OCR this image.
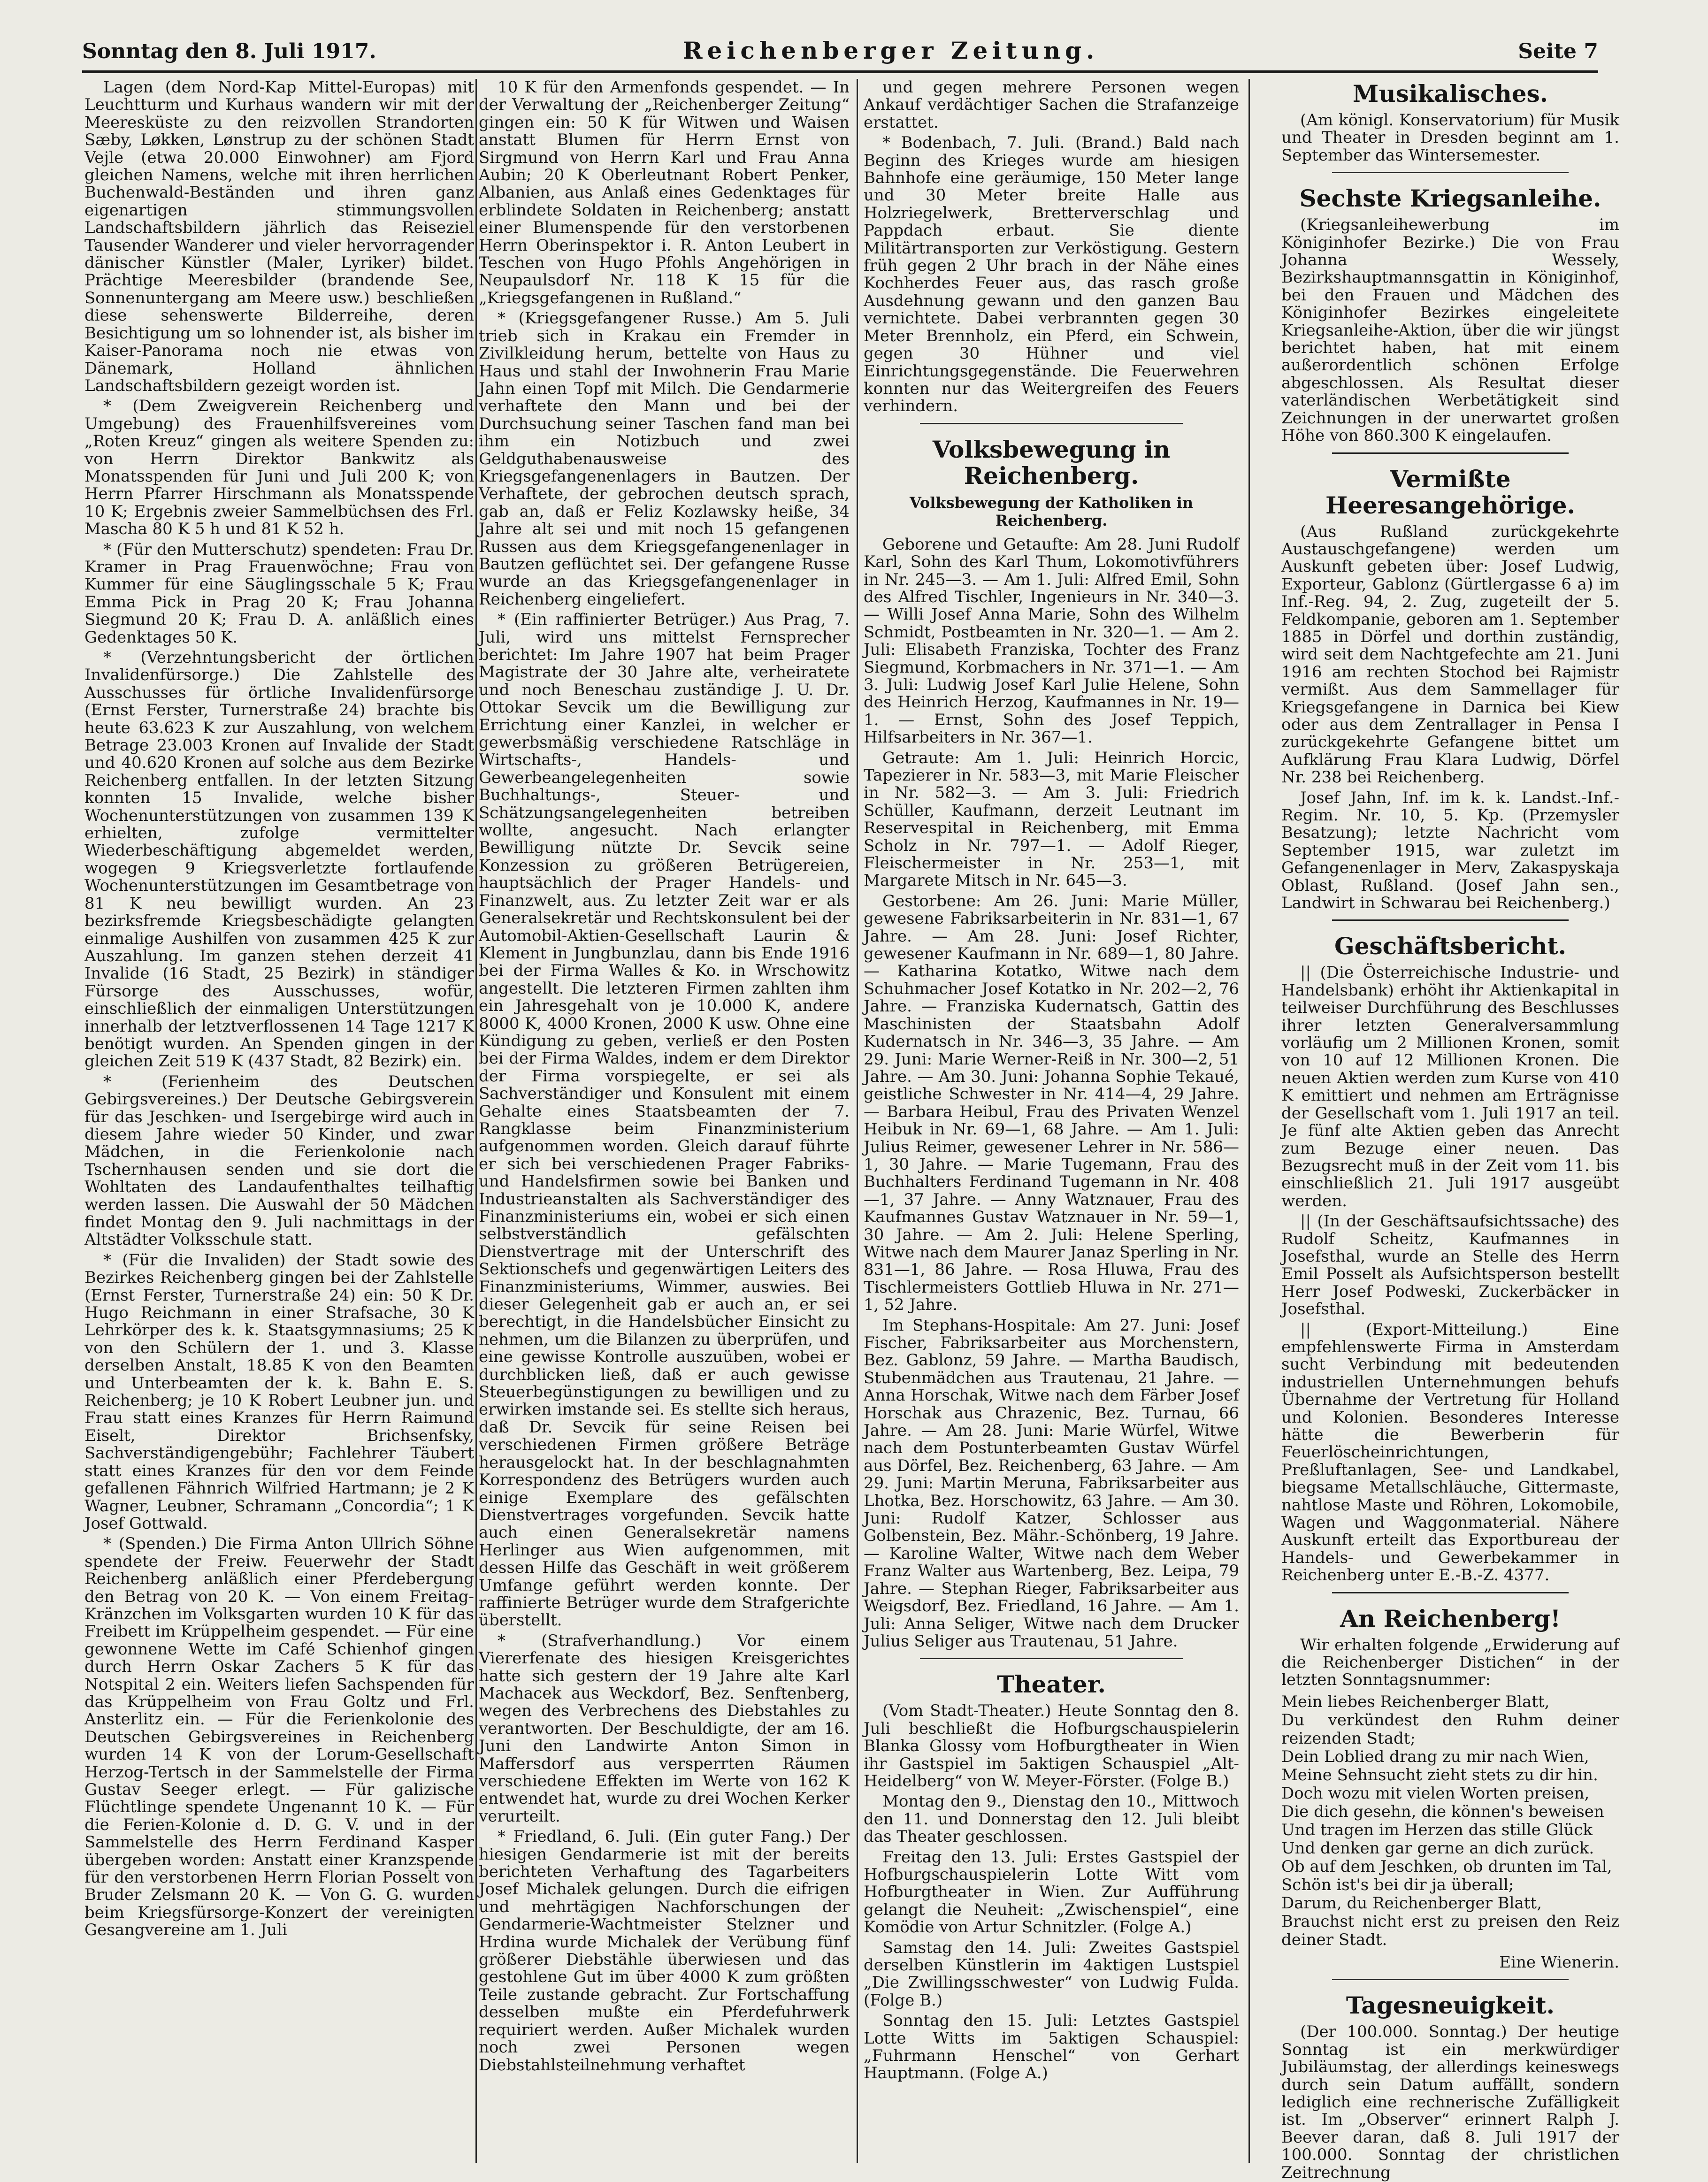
Sonntag den 8. Juli 1917.	Reichenberger Zeitung.	Seite 7

Lagen (dem Nord-Kap Mittel-Europas) mit Leuchtturm und Kurhaus wandern wir mit der Meeresküste zu den reizvollen Strandorten Sæby, Løkken, Lønstrup zu der schönen Stadt Vejle (etwa 20.000 Einwohner) am Fjord gleichen Namens, welche mit ihren herrlichen Buchenwald-Beständen und ihren ganz eigenartigen stimmungsvollen Landschaftsbildern jährlich das Reiseziel Tausender Wanderer und vieler hervorragender dänischer Künstler (Maler, Lyriker) bildet. Prächtige Meeresbilder (brandende See, Sonnenuntergang am Meere usw.) beschließen diese sehenswerte Bilderreihe, deren Besichtigung um so lohnender ist, als bisher im Kaiser-Panorama noch nie etwas von Dänemark, Holland ähnlichen Landschaftsbildern gezeigt worden ist.

* (Dem Zweigverein Reichenberg und Umgebung) des Frauenhilfsvereines vom „Roten Kreuz“ gingen als weitere Spenden zu: von Herrn Direktor Bankwitz als Monatsspenden für Juni und Juli 200 K; von Herrn Pfarrer Hirschmann als Monatsspende 10 K; Ergebnis zweier Sammelbüchsen des Frl. Mascha 80 K 5 h und 81 K 52 h.

* (Für den Mutterschutz) spendeten: Frau Dr. Kramer in Prag Frauenwöchne; Frau von Kummer für eine Säuglingsschale 5 K; Frau Emma Pick in Prag 20 K; Frau Johanna Siegmund 20 K; Frau D. A. anläßlich eines Gedenktages 50 K.

* (Verzehntungsbericht der örtlichen Invalidenfürsorge.) Die Zahlstelle des Ausschusses für örtliche Invalidenfürsorge (Ernst Ferster, Turnerstraße 24) brachte bis heute 63.623 K zur Auszahlung, von welchem Betrage 23.003 Kronen auf Invalide der Stadt und 40.620 Kronen auf solche aus dem Bezirke Reichenberg entfallen. In der letzten Sitzung konnten 15 Invalide, welche bisher Wochenunterstützungen von zusammen 139 K erhielten, zufolge vermittelter Wiederbeschäftigung abgemeldet werden, wogegen 9 Kriegsverletzte fortlaufende Wochenunterstützungen im Gesamtbetrage von 81 K neu bewilligt wurden. An 23 bezirksfremde Kriegsbeschädigte gelangten einmalige Aushilfen von zusammen 425 K zur Auszahlung. Im ganzen stehen derzeit 41 Invalide (16 Stadt, 25 Bezirk) in ständiger Fürsorge des Ausschusses, wofür, einschließlich der einmaligen Unterstützungen innerhalb der letztverflossenen 14 Tage 1217 K benötigt wurden. An Spenden gingen in der gleichen Zeit 519 K (437 Stadt, 82 Bezirk) ein.

* (Ferienheim des Deutschen Gebirgsvereines.) Der Deutsche Gebirgsverein für das Jeschken- und Isergebirge wird auch in diesem Jahre wieder 50 Kinder, und zwar Mädchen, in die Ferienkolonie nach Tschernhausen senden und sie dort die Wohltaten des Landaufenthaltes teilhaftig werden lassen. Die Auswahl der 50 Mädchen findet Montag den 9. Juli nachmittags in der Altstädter Volksschule statt.

* (Für die Invaliden) der Stadt sowie des Bezirkes Reichenberg gingen bei der Zahlstelle (Ernst Ferster, Turnerstraße 24) ein: 50 K Dr. Hugo Reichmann in einer Strafsache, 30 K Lehrkörper des k. k. Staatsgymnasiums; 25 K von den Schülern der 1. und 3. Klasse derselben Anstalt, 18.85 K von den Beamten und Unterbeamten der k. k. Bahn E. S. Reichenberg; je 10 K Robert Leubner jun. und Frau statt eines Kranzes für Herrn Raimund Eiselt, Direktor Brichsenfsky, Sachverständigengebühr; Fachlehrer Täubert statt eines Kranzes für den vor dem Feinde gefallenen Fähnrich Wilfried Hartmann; je 2 K Wagner, Leubner, Schramann „Concordia“; 1 K Josef Gottwald.

* (Spenden.) Die Firma Anton Ullrich Söhne spendete der Freiw. Feuerwehr der Stadt Reichenberg anläßlich einer Pferdebergung den Betrag von 20 K. — Von einem Freitag-Kränzchen im Volksgarten wurden 10 K für das Freibett im Krüppelheim gespendet. — Für eine gewonnene Wette im Café Schienhof gingen durch Herrn Oskar Zachers 5 K für das Notspital 2 ein. Weiters liefen Sachspenden für das Krüppelheim von Frau Goltz und Frl. Ansterlitz ein. — Für die Ferienkolonie des Deutschen Gebirgsvereines in Reichenberg wurden 14 K von der Lorum-Gesellschaft Herzog-Tertsch in der Sammelstelle der Firma Gustav Seeger erlegt. — Für galizische Flüchtlinge spendete Ungenannt 10 K. — Für die Ferien-Kolonie d. D. G. V. und in der Sammelstelle des Herrn Ferdinand Kasper übergeben worden: Anstatt einer Kranzspende für den verstorbenen Herrn Florian Posselt von Bruder Zelsmann 20 K. — Von G. G. wurden beim Kriegsfürsorge-Konzert der vereinigten Gesangvereine am 1. Juli

10 K für den Armenfonds gespendet. — In der Verwaltung der „Reichenberger Zeitung“ gingen ein: 50 K für Witwen und Waisen anstatt Blumen für Herrn Ernst von Sirgmund von Herrn Karl und Frau Anna Aubin; 20 K Oberleutnant Robert Penker, Albanien, aus Anlaß eines Gedenktages für erblindete Soldaten in Reichenberg; anstatt einer Blumenspende für den verstorbenen Herrn Oberinspektor i. R. Anton Leubert in Teschen von Hugo Pfohls Angehörigen in Neupaulsdorf Nr. 118 K 15 für die „Kriegsgefangenen in Rußland.“

* (Kriegsgefangener Russe.) Am 5. Juli trieb sich in Krakau ein Fremder in Zivilkleidung herum, bettelte von Haus zu Haus und stahl der Inwohnerin Frau Marie Jahn einen Topf mit Milch. Die Gendarmerie verhaftete den Mann und bei der Durchsuchung seiner Taschen fand man bei ihm ein Notizbuch und zwei Geldguthabenausweise des Kriegsgefangenenlagers in Bautzen. Der Verhaftete, der gebrochen deutsch sprach, gab an, daß er Feliz Kozlawsky heiße, 34 Jahre alt sei und mit noch 15 gefangenen Russen aus dem Kriegsgefangenenlager in Bautzen geflüchtet sei. Der gefangene Russe wurde an das Kriegsgefangenenlager in Reichenberg eingeliefert.

* (Ein raffinierter Betrüger.) Aus Prag, 7. Juli, wird uns mittelst Fernsprecher berichtet: Im Jahre 1907 hat beim Prager Magistrate der 30 Jahre alte, verheiratete und noch Beneschau zuständige J. U. Dr. Ottokar Sevcik um die Bewilligung zur Errichtung einer Kanzlei, in welcher er gewerbsmäßig verschiedene Ratschläge in Wirtschafts-, Handels- und Gewerbeangelegenheiten sowie Buchhaltungs-, Steuer- und Schätzungsangelegenheiten betreiben wollte, angesucht. Nach erlangter Bewilligung nützte Dr. Sevcik seine Konzession zu größeren Betrügereien, hauptsächlich der Prager Handels- und Finanzwelt, aus. Zu letzter Zeit war er als Generalsekretär und Rechtskonsulent bei der Automobil-Aktien-Gesellschaft Laurin & Klement in Jungbunzlau, dann bis Ende 1916 bei der Firma Walles & Ko. in Wrschowitz angestellt. Die letzteren Firmen zahlten ihm ein Jahresgehalt von je 10.000 K, andere 8000 K, 4000 Kronen, 2000 K usw. Ohne eine Kündigung zu geben, verließ er den Posten bei der Firma Waldes, indem er dem Direktor der Firma vorspiegelte, er sei als Sachverständiger und Konsulent mit einem Gehalte eines Staatsbeamten der 7. Rangklasse beim Finanzministerium aufgenommen worden. Gleich darauf führte er sich bei verschiedenen Prager Fabriks- und Handelsfirmen sowie bei Banken und Industrieanstalten als Sachverständiger des Finanzministeriums ein, wobei er sich einen selbstverständlich gefälschten Dienstvertrage mit der Unterschrift des Sektionschefs und gegenwärtigen Leiters des Finanzministeriums, Wimmer, auswies. Bei dieser Gelegenheit gab er auch an, er sei berechtigt, in die Handelsbücher Einsicht zu nehmen, um die Bilanzen zu überprüfen, und eine gewisse Kontrolle auszuüben, wobei er durchblicken ließ, daß er auch gewisse Steuerbegünstigungen zu bewilligen und zu erwirken imstande sei. Es stellte sich heraus, daß Dr. Sevcik für seine Reisen bei verschiedenen Firmen größere Beträge herausgelockt hat. In der beschlagnahmten Korrespondenz des Betrügers wurden auch einige Exemplare des gefälschten Dienstvertrages vorgefunden. Sevcik hatte auch einen Generalsekretär namens Herlinger aus Wien aufgenommen, mit dessen Hilfe das Geschäft in weit größerem Umfange geführt werden konnte. Der raffinierte Betrüger wurde dem Strafgerichte überstellt.

* (Strafverhandlung.) Vor einem Viererfenate des hiesigen Kreisgerichtes hatte sich gestern der 19 Jahre alte Karl Machacek aus Weckdorf, Bez. Senftenberg, wegen des Verbrechens des Diebstahles zu verantworten. Der Beschuldigte, der am 16. Juni den Landwirte Anton Simon in Maffersdorf aus versperrten Räumen verschiedene Effekten im Werte von 162 K entwendet hat, wurde zu drei Wochen Kerker verurteilt.

* Friedland, 6. Juli. (Ein guter Fang.) Der hiesigen Gendarmerie ist mit der bereits berichteten Verhaftung des Tagarbeiters Josef Michalek gelungen. Durch die eifrigen und mehrtägigen Nachforschungen der Gendarmerie-Wachtmeister Stelzner und Hrdina wurde Michalek der Verübung fünf größerer Diebstähle überwiesen und das gestohlene Gut im über 4000 K zum größten Teile zustande gebracht. Zur Fortschaffung desselben mußte ein Pferdefuhrwerk requiriert werden. Außer Michalek wurden noch zwei Personen wegen Diebstahlsteilnehmung verhaftet

und gegen mehrere Personen wegen Ankauf verdächtiger Sachen die Strafanzeige erstattet.

* Bodenbach, 7. Juli. (Brand.) Bald nach Beginn des Krieges wurde am hiesigen Bahnhofe eine geräumige, 150 Meter lange und 30 Meter breite Halle aus Holzriegelwerk, Bretterverschlag und Pappdach erbaut. Sie diente Militärtransporten zur Verköstigung. Gestern früh gegen 2 Uhr brach in der Nähe eines Kochherdes Feuer aus, das rasch große Ausdehnung gewann und den ganzen Bau vernichtete. Dabei verbrannten gegen 30 Meter Brennholz, ein Pferd, ein Schwein, gegen 30 Hühner und viel Einrichtungsgegenstände. Die Feuerwehren konnten nur das Weitergreifen des Feuers verhindern.

Volksbewegung in Reichenberg.
Volksbewegung der Katholiken in Reichenberg.

Geborene und Getaufte: Am 28. Juni Rudolf Karl, Sohn des Karl Thum, Lokomotivführers in Nr. 245—3. — Am 1. Juli: Alfred Emil, Sohn des Alfred Tischler, Ingenieurs in Nr. 340—3. — Willi Josef Anna Marie, Sohn des Wilhelm Schmidt, Postbeamten in Nr. 320—1. — Am 2. Juli: Elisabeth Franziska, Tochter des Franz Siegmund, Korbmachers in Nr. 371—1. — Am 3. Juli: Ludwig Josef Karl Julie Helene, Sohn des Heinrich Herzog, Kaufmannes in Nr. 19—1. — Ernst, Sohn des Josef Teppich, Hilfsarbeiters in Nr. 367—1.

Getraute: Am 1. Juli: Heinrich Horcic, Tapezierer in Nr. 583—3, mit Marie Fleischer in Nr. 582—3. — Am 3. Juli: Friedrich Schüller, Kaufmann, derzeit Leutnant im Reservespital in Reichenberg, mit Emma Scholz in Nr. 797—1. — Adolf Rieger, Fleischermeister in Nr. 253—1, mit Margarete Mitsch in Nr. 645—3.

Gestorbene: Am 26. Juni: Marie Müller, gewesene Fabriksarbeiterin in Nr. 831—1, 67 Jahre. — Am 28. Juni: Josef Richter, gewesener Kaufmann in Nr. 689—1, 80 Jahre. — Katharina Kotatko, Witwe nach dem Schuhmacher Josef Kotatko in Nr. 202—2, 76 Jahre. — Franziska Kudernatsch, Gattin des Maschinisten der Staatsbahn Adolf Kudernatsch in Nr. 346—3, 35 Jahre. — Am 29. Juni: Marie Werner-Reiß in Nr. 300—2, 51 Jahre. — Am 30. Juni: Johanna Sophie Tekaué, geistliche Schwester in Nr. 414—4, 29 Jahre. — Barbara Heibul, Frau des Privaten Wenzel Heibuk in Nr. 69—1, 68 Jahre. — Am 1. Juli: Julius Reimer, gewesener Lehrer in Nr. 586—1, 30 Jahre. — Marie Tugemann, Frau des Buchhalters Ferdinand Tugemann in Nr. 408—1, 37 Jahre. — Anny Watznauer, Frau des Kaufmannes Gustav Watznauer in Nr. 59—1, 30 Jahre. — Am 2. Juli: Helene Sperling, Witwe nach dem Maurer Janaz Sperling in Nr. 831—1, 86 Jahre. — Rosa Hluwa, Frau des Tischlermeisters Gottlieb Hluwa in Nr. 271—1, 52 Jahre.

Im Stephans-Hospitale: Am 27. Juni: Josef Fischer, Fabriksarbeiter aus Morchenstern, Bez. Gablonz, 59 Jahre. — Martha Baudisch, Stubenmädchen aus Trautenau, 21 Jahre. — Anna Horschak, Witwe nach dem Färber Josef Horschak aus Chrazenic, Bez. Turnau, 66 Jahre. — Am 28. Juni: Marie Würfel, Witwe nach dem Postunterbeamten Gustav Würfel aus Dörfel, Bez. Reichenberg, 63 Jahre. — Am 29. Juni: Martin Meruna, Fabriksarbeiter aus Lhotka, Bez. Horschowitz, 63 Jahre. — Am 30. Juni: Rudolf Katzer, Schlosser aus Golbenstein, Bez. Mähr.-Schönberg, 19 Jahre. — Karoline Walter, Witwe nach dem Weber Franz Walter aus Wartenberg, Bez. Leipa, 79 Jahre. — Stephan Rieger, Fabriksarbeiter aus Weigsdorf, Bez. Friedland, 16 Jahre. — Am 1. Juli: Anna Seliger, Witwe nach dem Drucker Julius Seliger aus Trautenau, 51 Jahre.

Theater.

(Vom Stadt-Theater.) Heute Sonntag den 8. Juli beschließt die Hofburgschauspielerin Blanka Glossy vom Hofburgtheater in Wien ihr Gastspiel im 5aktigen Schauspiel „Alt-Heidelberg“ von W. Meyer-Förster. (Folge B.)

Montag den 9., Dienstag den 10., Mittwoch den 11. und Donnerstag den 12. Juli bleibt das Theater geschlossen.

Freitag den 13. Juli: Erstes Gastspiel der Hofburgschauspielerin Lotte Witt vom Hofburgtheater in Wien. Zur Aufführung gelangt die Neuheit: „Zwischenspiel“, eine Komödie von Artur Schnitzler. (Folge A.)

Samstag den 14. Juli: Zweites Gastspiel derselben Künstlerin im 4aktigen Lustspiel „Die Zwillingsschwester“ von Ludwig Fulda. (Folge B.)

Sonntag den 15. Juli: Letztes Gastspiel Lotte Witts im 5aktigen Schauspiel: „Fuhrmann Henschel“ von Gerhart Hauptmann. (Folge A.)

Musikalisches.

(Am königl. Konservatorium) für Musik und Theater in Dresden beginnt am 1. September das Wintersemester.

Sechste Kriegsanleihe.

(Kriegsanleihewerbung im Königinhofer Bezirke.) Die von Frau Johanna Wessely, Bezirkshauptmannsgattin in Königinhof, bei den Frauen und Mädchen des Königinhofer Bezirkes eingeleitete Kriegsanleihe-Aktion, über die wir jüngst berichtet haben, hat mit einem außerordentlich schönen Erfolge abgeschlossen. Als Resultat dieser vaterländischen Werbetätigkeit sind Zeichnungen in der unerwartet großen Höhe von 860.300 K eingelaufen.

Vermißte Heeresangehörige.

(Aus Rußland zurückgekehrte Austauschgefangene) werden um Auskunft gebeten über: Josef Ludwig, Exporteur, Gablonz (Gürtlergasse 6 a) im Inf.-Reg. 94, 2. Zug, zugeteilt der 5. Feldkompanie, geboren am 1. September 1885 in Dörfel und dorthin zuständig, wird seit dem Nachtgefechte am 21. Juni 1916 am rechten Stochod bei Rajmistr vermißt. Aus dem Sammellager für Kriegsgefangene in Darnica bei Kiew oder aus dem Zentrallager in Pensa I zurückgekehrte Gefangene bittet um Aufklärung Frau Klara Ludwig, Dörfel Nr. 238 bei Reichenberg.

Josef Jahn, Inf. im k. k. Landst.-Inf.-Regim. Nr. 10, 5. Kp. (Przemysler Besatzung); letzte Nachricht vom September 1915, war zuletzt im Gefangenenlager in Merv, Zakaspyskaja Oblast, Rußland. (Josef Jahn sen., Landwirt in Schwarau bei Reichenberg.)

Geschäftsbericht.

|| (Die Österreichische Industrie- und Handelsbank) erhöht ihr Aktienkapital in teilweiser Durchführung des Beschlusses ihrer letzten Generalversammlung vorläufig um 2 Millionen Kronen, somit von 10 auf 12 Millionen Kronen. Die neuen Aktien werden zum Kurse von 410 K emittiert und nehmen am Erträgnisse der Gesellschaft vom 1. Juli 1917 an teil. Je fünf alte Aktien geben das Anrecht zum Bezuge einer neuen. Das Bezugsrecht muß in der Zeit vom 11. bis einschließlich 21. Juli 1917 ausgeübt werden.

|| (In der Geschäftsaufsichtssache) des Rudolf Scheitz, Kaufmannes in Josefsthal, wurde an Stelle des Herrn Emil Posselt als Aufsichtsperson bestellt Herr Josef Podweski, Zuckerbäcker in Josefsthal.

|| (Export-Mitteilung.) Eine empfehlenswerte Firma in Amsterdam sucht Verbindung mit bedeutenden industriellen Unternehmungen behufs Übernahme der Vertretung für Holland und Kolonien. Besonderes Interesse hätte die Bewerberin für Feuerlöscheinrichtungen, Preßluftanlagen, See- und Landkabel, biegsame Metallschläuche, Gittermaste, nahtlose Maste und Röhren, Lokomobile, Wagen und Waggonmaterial. Nähere Auskunft erteilt das Exportbureau der Handels- und Gewerbekammer in Reichenberg unter E.-B.-Z. 4377.

An Reichenberg!

Wir erhalten folgende „Erwiderung auf die Reichenberger Distichen“ in der letzten Sonntagsnummer:

Mein liebes Reichenberger Blatt,
Du verkündest den Ruhm deiner reizenden Stadt;
Dein Loblied drang zu mir nach Wien,
Meine Sehnsucht zieht stets zu dir hin.
Doch wozu mit vielen Worten preisen,
Die dich gesehn, die können's beweisen
Und tragen im Herzen das stille Glück
Und denken gar gerne an dich zurück.
Ob auf dem Jeschken, ob drunten im Tal,
Schön ist's bei dir ja überall;
Darum, du Reichenberger Blatt,
Brauchst nicht erst zu preisen den Reiz deiner Stadt.
Eine Wienerin.
Tagesneuigkeit.

(Der 100.000. Sonntag.) Der heutige Sonntag ist ein merkwürdiger Jubiläumstag, der allerdings keineswegs durch sein Datum auffällt, sondern lediglich eine rechnerische Zufälligkeit ist. Im „Observer“ erinnert Ralph J. Beever daran, daß 8. Juli 1917 der 100.000. Sonntag der christlichen Zeitrechnung
